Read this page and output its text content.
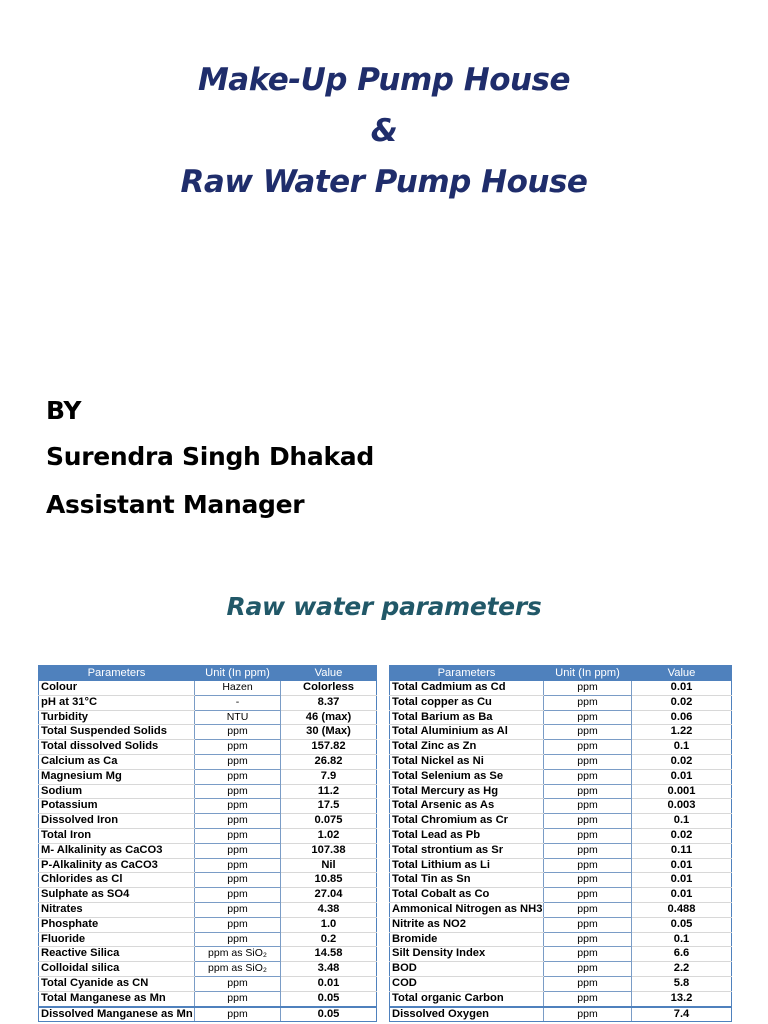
Make-Up Pump House
&
Raw Water Pump House
BY
Surendra Singh Dhakad
Assistant Manager
Raw water parameters
Parameters	Unit (In ppm)	Value
Colour	Hazen	Colorless
pH at 31°C	-	8.37
Turbidity	NTU	46 (max)
Total Suspended Solids	ppm	30 (Max)
Total dissolved Solids	ppm	157.82
Calcium as Ca	ppm	26.82
Magnesium Mg	ppm	7.9
Sodium	ppm	11.2
Potassium	ppm	17.5
Dissolved Iron	ppm	0.075
Total Iron	ppm	1.02
M- Alkalinity as CaCO3	ppm	107.38
P-Alkalinity as CaCO3	ppm	Nil
Chlorides as Cl	ppm	10.85
Sulphate as SO4	ppm	27.04
Nitrates	ppm	4.38
Phosphate	ppm	1.0
Fluoride	ppm	0.2
Reactive Silica	ppm as SiO₂	14.58
Colloidal silica	ppm as SiO₂	3.48
Total Cyanide as CN	ppm	0.01
Total Manganese as Mn	ppm	0.05
Dissolved Manganese as Mn	ppm	0.05
Parameters	Unit (In ppm)	Value
Total Cadmium as Cd	ppm	0.01
Total copper as Cu	ppm	0.02
Total Barium as Ba	ppm	0.06
Total Aluminium as Al	ppm	1.22
Total Zinc as Zn	ppm	0.1
Total Nickel as Ni	ppm	0.02
Total Selenium as Se	ppm	0.01
Total Mercury as Hg	ppm	0.001
Total Arsenic as As	ppm	0.003
Total Chromium as Cr	ppm	0.1
Total Lead as Pb	ppm	0.02
Total strontium as Sr	ppm	0.11
Total Lithium as Li	ppm	0.01
Total Tin as Sn	ppm	0.01
Total Cobalt as Co	ppm	0.01
Ammonical Nitrogen as NH3	ppm	0.488
Nitrite as NO2	ppm	0.05
Bromide	ppm	0.1
Silt Density Index	ppm	6.6
BOD	ppm	2.2
COD	ppm	5.8
Total organic Carbon	ppm	13.2
Dissolved Oxygen	ppm	7.4
